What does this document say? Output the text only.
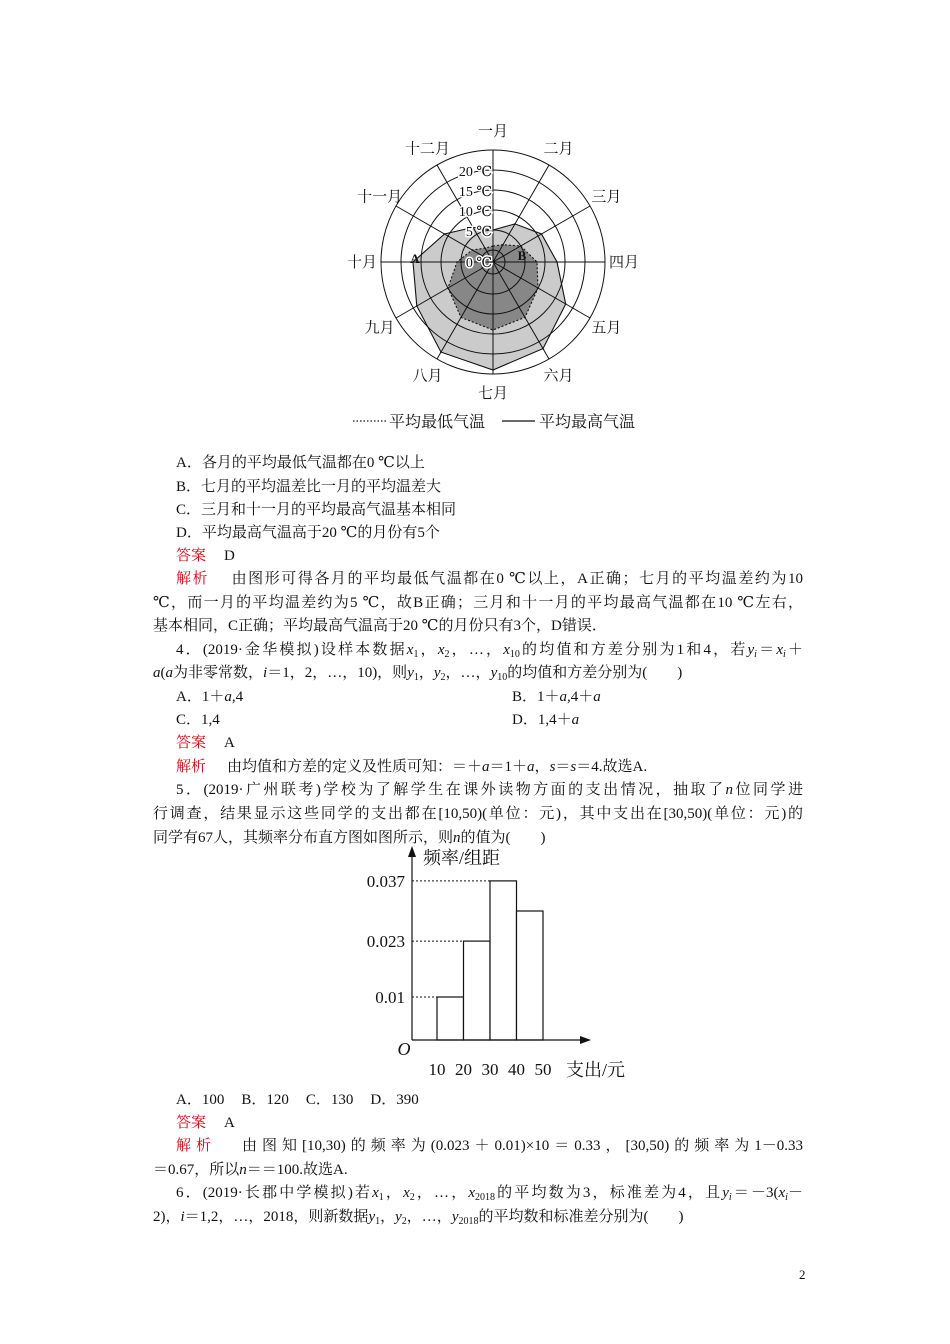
0 ℃
5 ℃
10 ℃
15 ℃
20 ℃
一月
二月
三月
四月
五月
六月
七月
八月
九月
十月
十一月
十二月
A	B
平均最低气温	平均最高气温
A．各月的平均最低气温都在0 ℃以上
B．七月的平均温差比一月的平均温差大
C．三月和十一月的平均最高气温基本相同
D．平均最高气温高于20 ℃的月份有5个
答案 D
解析 由图形可得各月的平均最低气温都在0 ℃以上，A正确；七月的平均温差约为10
℃，而一月的平均温差约为5 ℃，故B正确；三月和十一月的平均最高气温都在10 ℃左右，
基本相同，C正确；平均最高气温高于20 ℃的月份只有3个，D错误．
4．(2019·金华模拟)设样本数据$x_1$，$x_2$，…，$x_{10}$的均值和方差分别为1和4，若$y_i=x_i+$
a(a为非零常数，i＝1，2，…，10)，则$y_1$，$y_2$，…，$y_{10}$的均值和方差分别为(　　)
A．1＋a,4	B．1＋a,4＋a
C．1,4	D．1,4＋a
答案 A
解析 由均值和方差的定义及性质可知：＝＋a＝1＋a，s＝s＝4.故选A.
5．(2019·广州联考)学校为了解学生在课外读物方面的支出情况，抽取了n位同学进
行调查，结果显示这些同学的支出都在[10,50)(单位：元)，其中支出在[30,50)(单位：元)的
同学有67人，其频率分布直方图如图所示，则n的值为(　　)
0.01
0.023
0.037
10 20 30 40 50
O
频率/组距
支出/元
A．100 B．120 C．130 D．390
答案 A
解析 由图知[10,30)的频率为(0.023＋0.01)×10＝0.33，[30,50)的频率为1－0.33
＝0.67，所以n＝＝100.故选A.
6．(2019·长郡中学模拟)若$x_1$，$x_2$，…，$x_{2018}$的平均数为3，标准差为4，且$y_i=-3(x_i-$
2)，i＝1,2，…，2018，则新数据$y_1$，$y_2$，…，$y_{2018}$的平均数和标准差分别为(　　)
2
